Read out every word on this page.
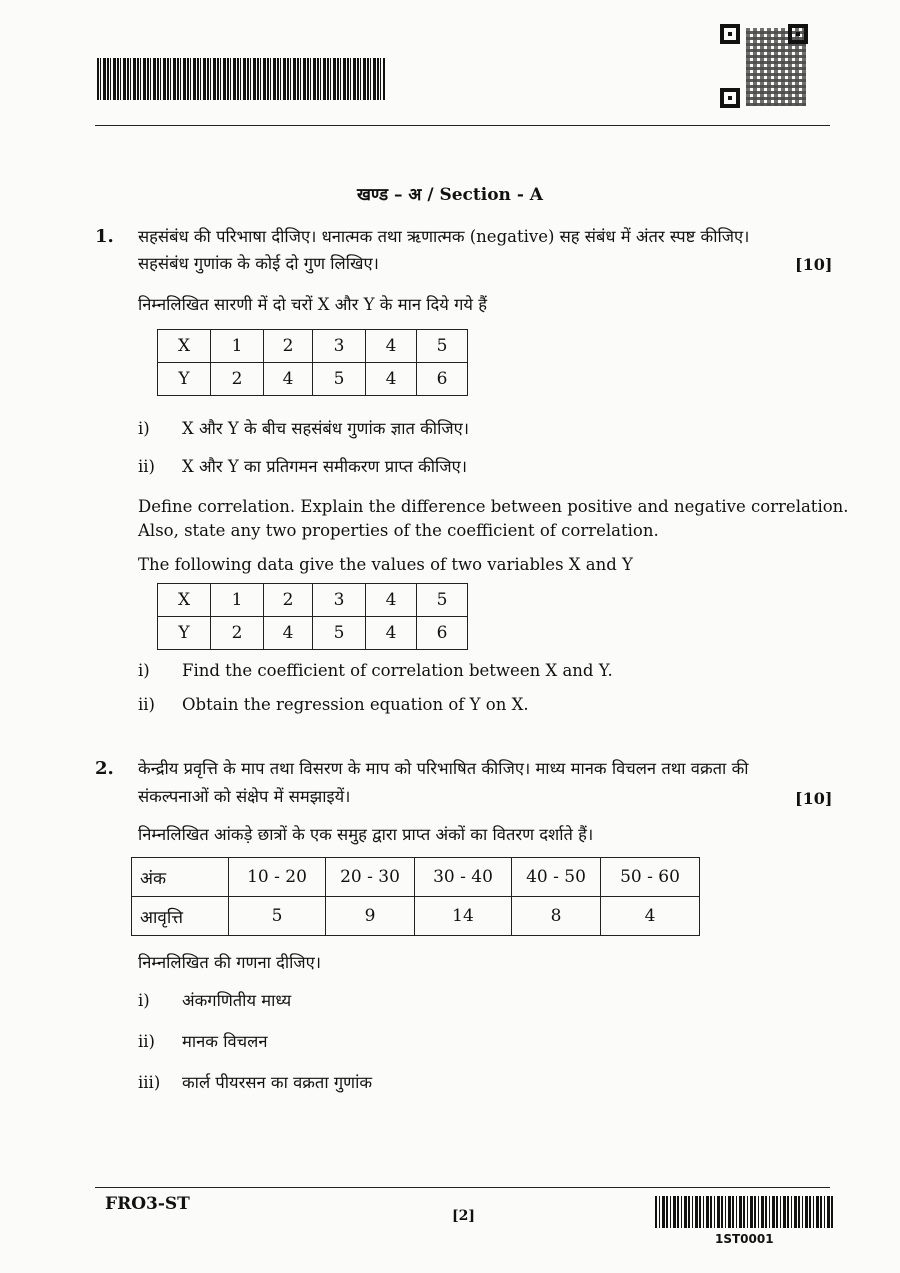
खण्ड – अ / Section - A
1. सहसंबंध की परिभाषा दीजिए। धनात्मक तथा ऋणात्मक (negative) सह संबंध में अंतर स्पष्ट कीजिए।
सहसंबंध गुणांक के कोई दो गुण लिखिए।	[10]
निम्नलिखित सारणी में दो चरों X और Y के मान दिये गये हैं
X	1	2	3	4	5
Y	2	4	5	4	6
i) X और Y के बीच सहसंबंध गुणांक ज्ञात कीजिए।
ii) X और Y का प्रतिगमन समीकरण प्राप्त कीजिए।
Define correlation. Explain the difference between positive and negative correlation.
Also, state any two properties of the coefficient of correlation.
The following data give the values of two variables X and Y
X	1	2	3	4	5
Y	2	4	5	4	6
i) Find the coefficient of correlation between X and Y.
ii) Obtain the regression equation of Y on X.
2. केन्द्रीय प्रवृत्ति के माप तथा विसरण के माप को परिभाषित कीजिए। माध्य मानक विचलन तथा वक्रता की
संकल्पनाओं को संक्षेप में समझाइयें।	[10]
निम्नलिखित आंकड़े छात्रों के एक समुह द्वारा प्राप्त अंकों का वितरण दर्शाते हैं।
अंक	10 - 20	20 - 30	30 - 40	40 - 50	50 - 60
आवृत्ति	5	9	14	8	4
निम्नलिखित की गणना दीजिए।
i) अंकगणितीय माध्य
ii) मानक विचलन
iii) कार्ल पीयरसन का वक्रता गुणांक
FRO3-ST
[2]
1ST0001
